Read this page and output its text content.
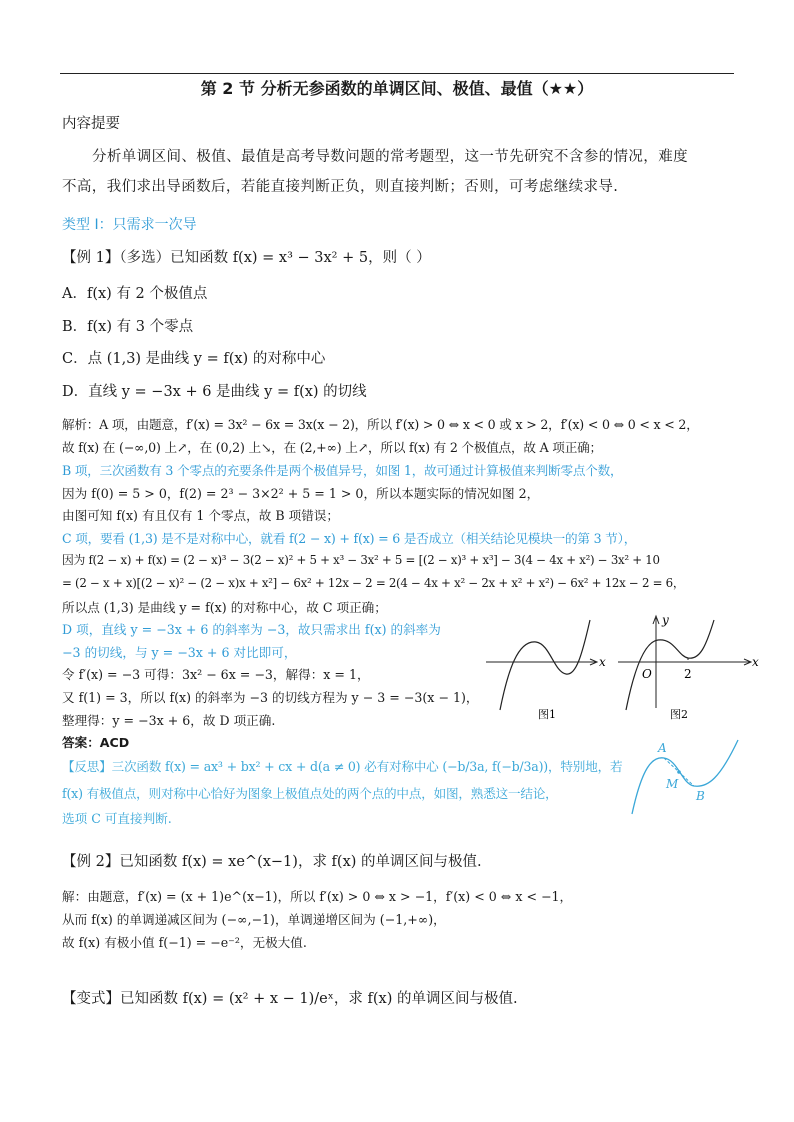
第 2 节 分析无参函数的单调区间、极值、最值（★★）
内容提要
分析单调区间、极值、最值是高考导数问题的常考题型，这一节先研究不含参的情况，难度
不高，我们求出导函数后，若能直接判断正负，则直接判断；否则，可考虑继续求导.
类型 Ⅰ：只需求一次导
【例 1】（多选）已知函数 f(x) = x³ − 3x² + 5，则（ ）
A．f(x) 有 2 个极值点
B．f(x) 有 3 个零点
C．点 (1,3) 是曲线 y = f(x) 的对称中心
D．直线 y = −3x + 6 是曲线 y = f(x) 的切线
解析：A 项，由题意，f′(x) = 3x² − 6x = 3x(x − 2)，所以 f′(x) > 0 ⇔ x < 0 或 x > 2，f′(x) < 0 ⇔ 0 < x < 2，
故 f(x) 在 (−∞,0) 上↗，在 (0,2) 上↘，在 (2,+∞) 上↗，所以 f(x) 有 2 个极值点，故 A 项正确；
B 项，三次函数有 3 个零点的充要条件是两个极值异号，如图 1，故可通过计算极值来判断零点个数，
因为 f(0) = 5 > 0，f(2) = 2³ − 3×2² + 5 = 1 > 0，所以本题实际的情况如图 2，
由图可知 f(x) 有且仅有 1 个零点，故 B 项错误；
C 项，要看 (1,3) 是不是对称中心，就看 f(2 − x) + f(x) = 6 是否成立（相关结论见模块一的第 3 节），
因为 f(2 − x) + f(x) = (2 − x)³ − 3(2 − x)² + 5 + x³ − 3x² + 5 = [(2 − x)³ + x³] − 3(4 − 4x + x²) − 3x² + 10
= (2 − x + x)[(2 − x)² − (2 − x)x + x²] − 6x² + 12x − 2 = 2(4 − 4x + x² − 2x + x² + x²) − 6x² + 12x − 2 = 6，
所以点 (1,3) 是曲线 y = f(x) 的对称中心，故 C 项正确；
D 项，直线 y = −3x + 6 的斜率为 −3，故只需求出 f(x) 的斜率为
−3 的切线，与 y = −3x + 6 对比即可，
令 f′(x) = −3 可得：3x² − 6x = −3，解得：x = 1，
又 f(1) = 3，所以 f(x) 的斜率为 −3 的切线方程为 y − 3 = −3(x − 1)，
整理得：y = −3x + 6，故 D 项正确.
答案：ACD
x
图1
x
y
O	2
图2
【反思】三次函数 f(x) = ax³ + bx² + cx + d(a ≠ 0) 必有对称中心 (−b/3a, f(−b/3a))，特别地，若
f(x) 有极值点，则对称中心恰好为图象上极值点处的两个点的中点，如图，熟悉这一结论，
选项 C 可直接判断.
A
M
B
【例 2】已知函数 f(x) = xe^(x−1)，求 f(x) 的单调区间与极值.
解：由题意，f′(x) = (x + 1)e^(x−1)，所以 f′(x) > 0 ⇔ x > −1，f′(x) < 0 ⇔ x < −1，
从而 f(x) 的单调递减区间为 (−∞,−1)，单调递增区间为 (−1,+∞)，
故 f(x) 有极小值 f(−1) = −e⁻²，无极大值.
【变式】已知函数 f(x) = (x² + x − 1)/eˣ，求 f(x) 的单调区间与极值.
